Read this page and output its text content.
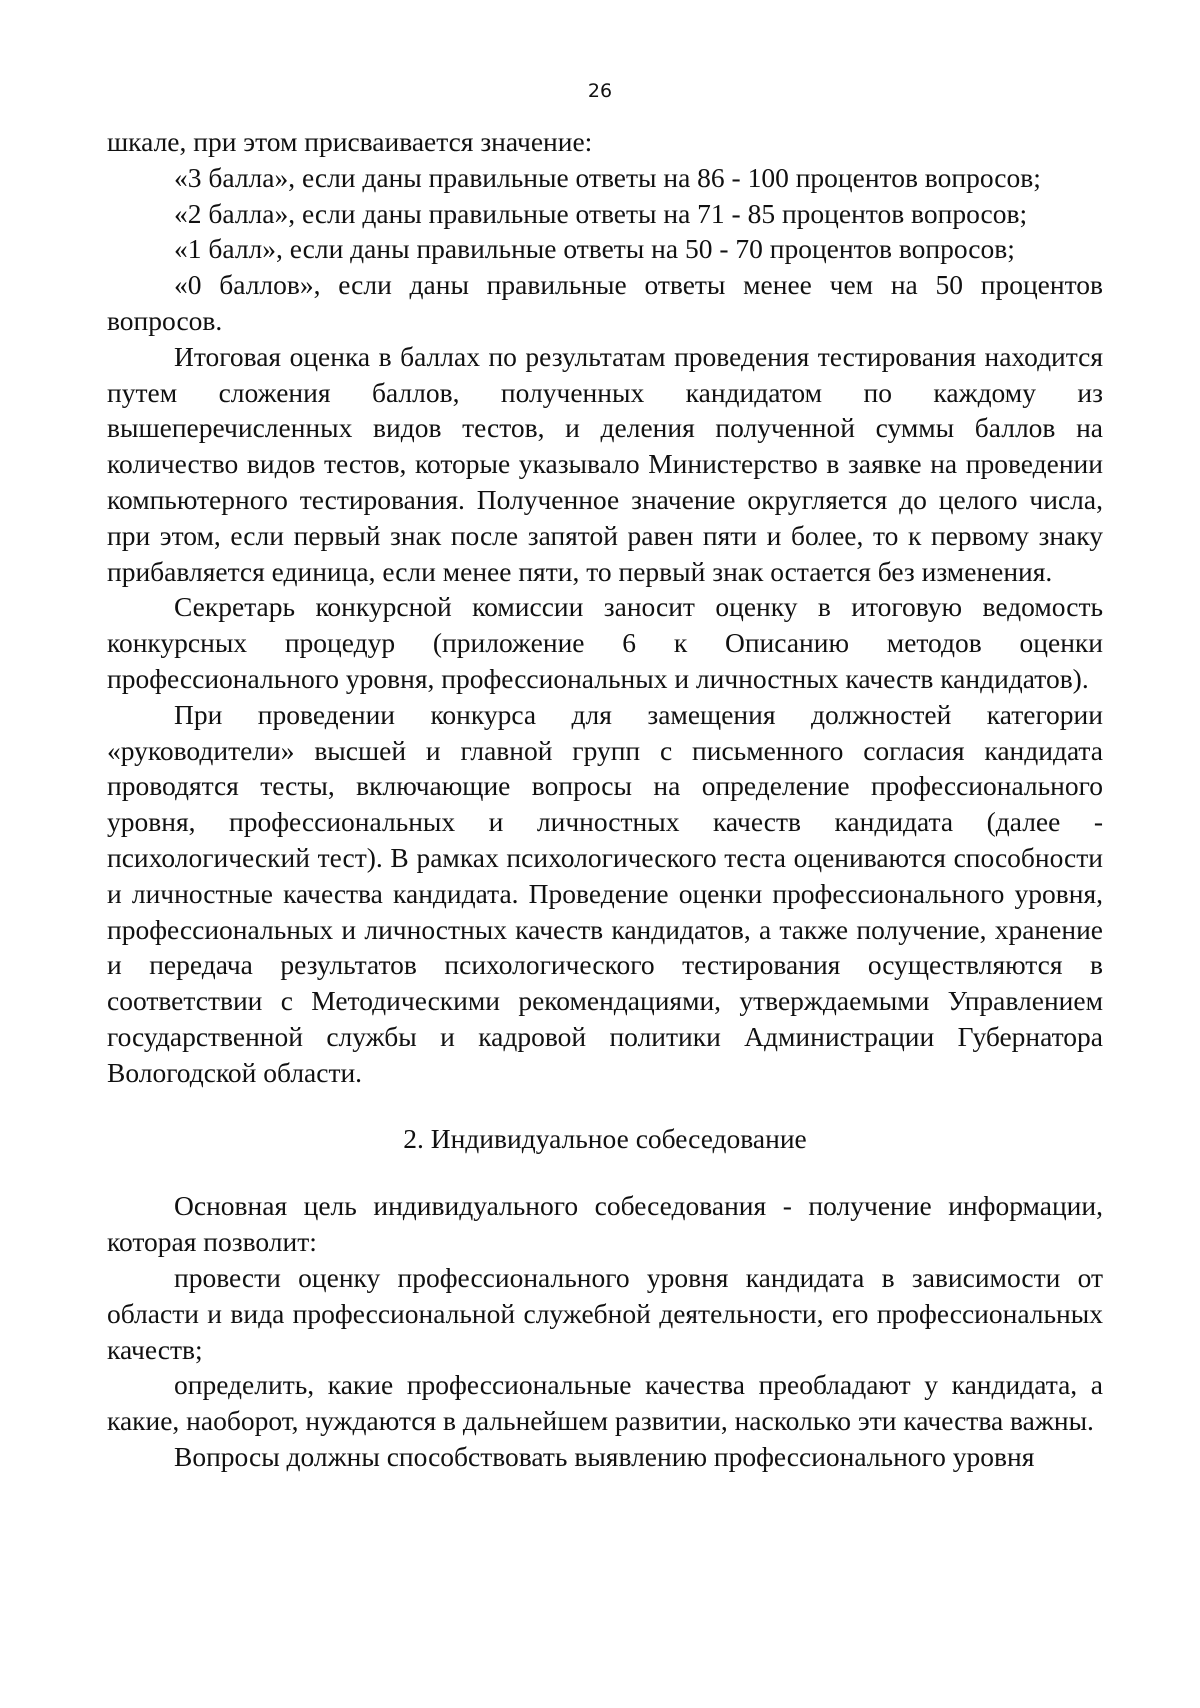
26

шкале, при этом присваивается значение:

«3 балла», если даны правильные ответы на 86 - 100 процентов вопросов;

«2 балла», если даны правильные ответы на 71 - 85 процентов вопросов;

«1 балл», если даны правильные ответы на 50 - 70 процентов вопросов;

«0 баллов», если даны правильные ответы менее чем на 50 процентов вопросов.

Итоговая оценка в баллах по результатам проведения тестирования находится путем сложения баллов, полученных кандидатом по каждому из вышеперечисленных видов тестов, и деления полученной суммы баллов на количество видов тестов, которые указывало Министерство в заявке на проведении компьютерного тестирования. Полученное значение округляется до целого числа, при этом, если первый знак после запятой равен пяти и более, то к первому знаку прибавляется единица, если менее пяти, то первый знак остается без изменения.

Секретарь конкурсной комиссии заносит оценку в итоговую ведомость конкурсных процедур (приложение 6 к Описанию методов оценки профессионального уровня, профессиональных и личностных качеств кандидатов).

При проведении конкурса для замещения должностей категории «руководители» высшей и главной групп с письменного согласия кандидата проводятся тесты, включающие вопросы на определение профессионального уровня, профессиональных и личностных качеств кандидата (далее - психологический тест). В рамках психологического теста оцениваются способности и личностные качества кандидата. Проведение оценки профессионального уровня, профессиональных и личностных качеств кандидатов, а также получение, хранение и передача результатов психологического тестирования осуществляются в соответствии с Методическими рекомендациями, утверждаемыми Управлением государственной службы и кадровой политики Администрации Губернатора Вологодской области.

2. Индивидуальное собеседование

Основная цель индивидуального собеседования - получение информации, которая позволит:

провести оценку профессионального уровня кандидата в зависимости от области и вида профессиональной служебной деятельности, его профессиональных качеств;

определить, какие профессиональные качества преобладают у кандидата, а какие, наоборот, нуждаются в дальнейшем развитии, насколько эти качества важны.

Вопросы должны способствовать выявлению профессионального уровня
